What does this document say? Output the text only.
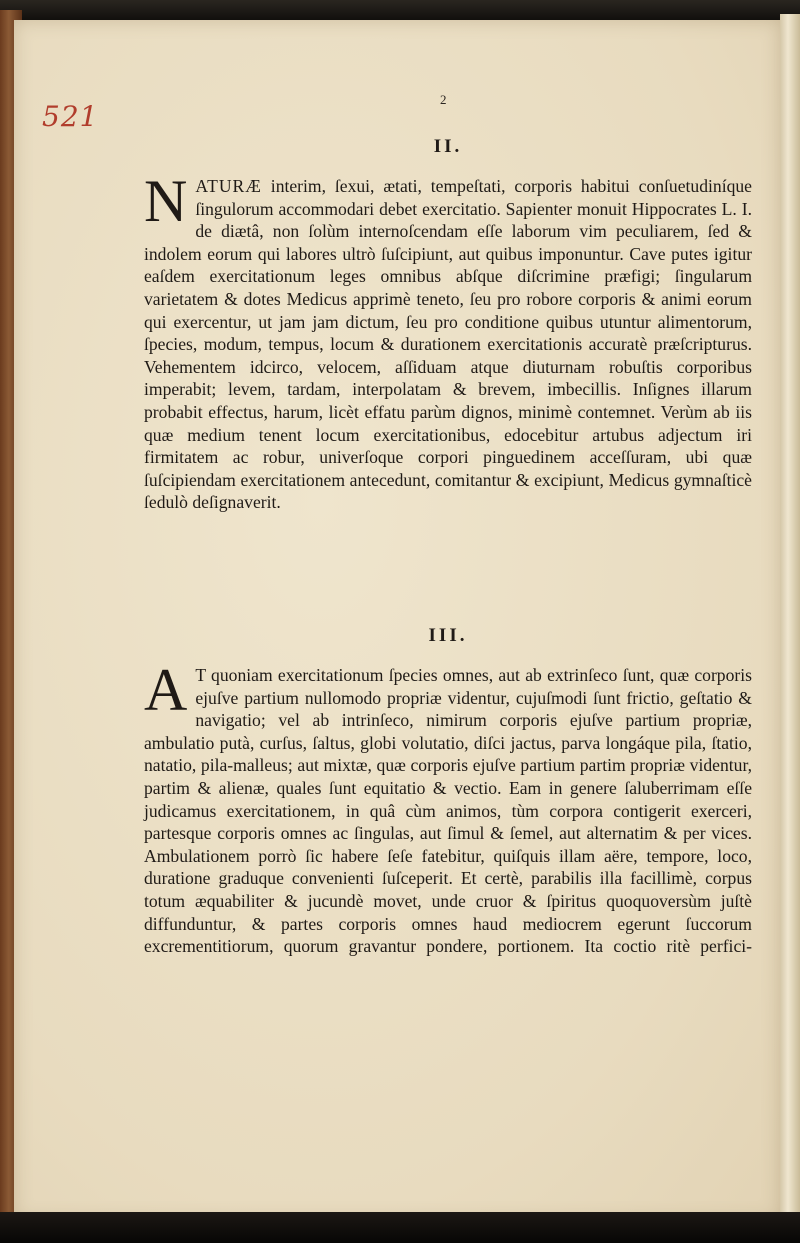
521

2

II.

NATURÆ interim, ſexui, ætati, tempeſtati, corporis habitui conſuetudiníque ſingulorum accommodari debet exercitatio. Sapienter monuit Hippocrates L. I. de diætâ, non ſolùm internoſcendam eſſe laborum vim peculiarem, ſed & indolem eorum qui labores ultrò ſuſcipiunt, aut quibus imponuntur. Cave putes igitur eaſdem exercitationum leges omnibus abſque diſcrimine præfigi; ſingularum varietatem & dotes Medicus apprimè teneto, ſeu pro robore corporis & animi eorum qui exercentur, ut jam jam dictum, ſeu pro conditione quibus utuntur alimentorum, ſpecies, modum, tempus, locum & durationem exercitationis accuratè præſcripturus. Vehementem idcirco, velocem, aſſiduam atque diuturnam robuſtis corporibus imperabit; levem, tardam, interpolatam & brevem, imbecillis. Inſignes illarum probabit effectus, harum, licèt effatu parùm dignos, minimè contemnet. Verùm ab iis quæ medium tenent locum exercitationibus, edocebitur artubus adjectum iri firmitatem ac robur, univerſoque corpori pinguedinem acceſſuram, ubi quæ ſuſcipiendam exercitationem antecedunt, comitantur & excipiunt, Medicus gymnaſticè ſedulò deſignaverit.

III.

A T quoniam exercitationum ſpecies omnes, aut ab extrinſeco ſunt, quæ corporis ejuſve partium nullomodo propriæ videntur, cujuſmodi ſunt frictio, geſtatio & navigatio; vel ab intrinſeco, nimirum corporis ejuſve partium propriæ, ambulatio putà, curſus, ſaltus, globi volutatio, diſci jactus, parva longáque pila, ſtatio, natatio, pila-malleus; aut mixtæ, quæ corporis ejuſve partium partim propriæ videntur, partim & alienæ, quales ſunt equitatio & vectio. Eam in genere ſaluberrimam eſſe judicamus exercitationem, in quâ cùm animos, tùm corpora contigerit exerceri, partesque corporis omnes ac ſingulas, aut ſimul & ſemel, aut alternatim & per vices. Ambulationem porrò ſic habere ſeſe fatebitur, quiſquis illam aëre, tempore, loco, duratione graduque convenienti ſuſceperit. Et certè, parabilis illa facillimè, corpus totum æquabiliter & jucundè movet, unde cruor & ſpiritus quoquoversùm juſtè diffunduntur, & partes corporis omnes haud mediocrem egerunt ſuccorum excrementitiorum, quorum gravantur pondere, portionem. Ita coctio ritè perfici-
